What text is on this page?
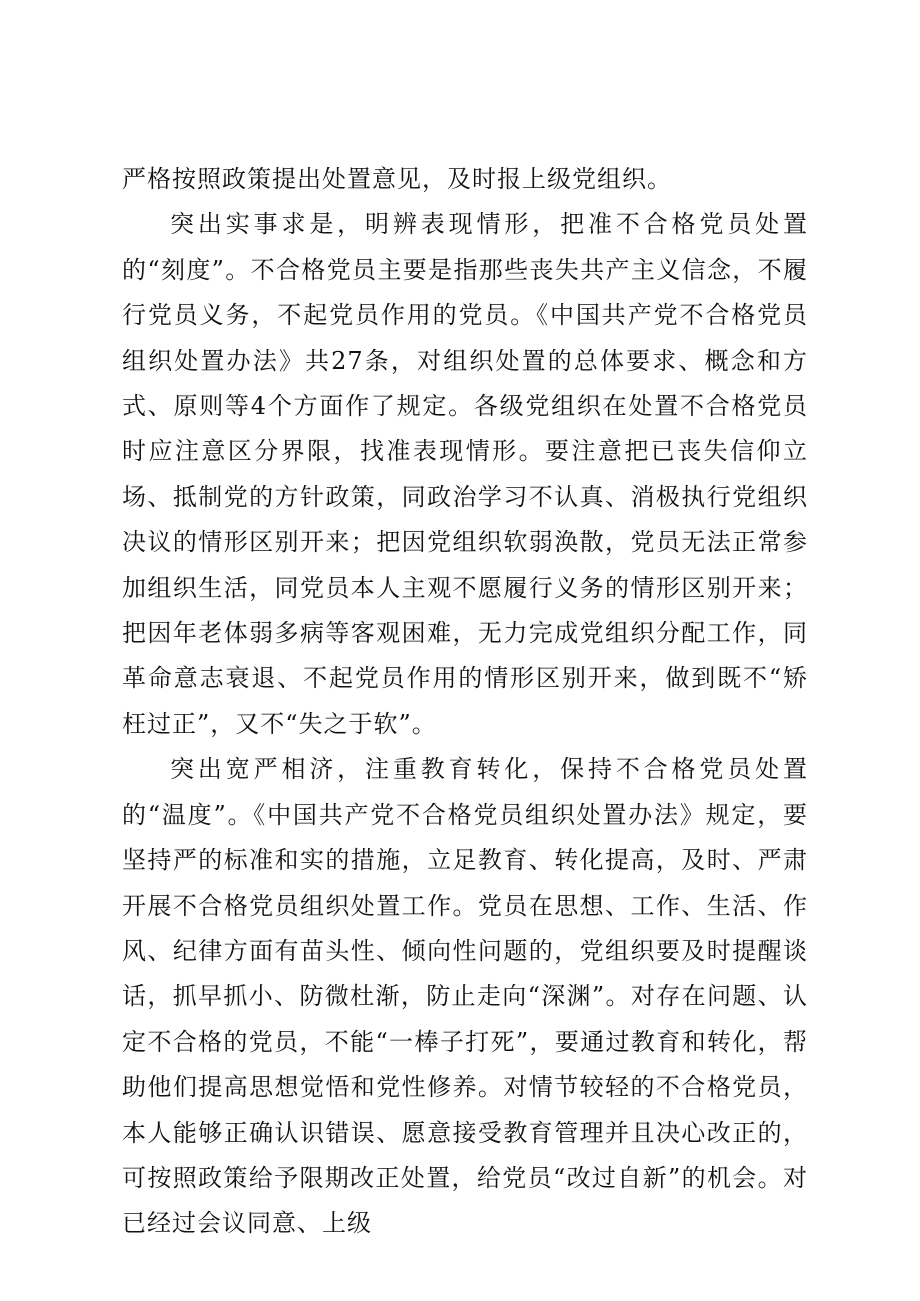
严格按照政策提出处置意见，及时报上级党组织。

突出实事求是，明辨表现情形，把准不合格党员处置的“刻度”。不合格党员主要是指那些丧失共产主义信念，不履行党员义务，不起党员作用的党员。《中国共产党不合格党员组织处置办法》共27条，对组织处置的总体要求、概念和方式、原则等4个方面作了规定。各级党组织在处置不合格党员时应注意区分界限，找准表现情形。要注意把已丧失信仰立场、抵制党的方针政策，同政治学习不认真、消极执行党组织决议的情形区别开来；把因党组织软弱涣散，党员无法正常参加组织生活，同党员本人主观不愿履行义务的情形区别开来；把因年老体弱多病等客观困难，无力完成党组织分配工作，同革命意志衰退、不起党员作用的情形区别开来，做到既不“矫枉过正”，又不“失之于软”。

突出宽严相济，注重教育转化，保持不合格党员处置的“温度”。《中国共产党不合格党员组织处置办法》规定，要坚持严的标准和实的措施，立足教育、转化提高，及时、严肃开展不合格党员组织处置工作。党员在思想、工作、生活、作风、纪律方面有苗头性、倾向性问题的，党组织要及时提醒谈话，抓早抓小、防微杜渐，防止走向“深渊”。对存在问题、认定不合格的党员，不能“一棒子打死”，要通过教育和转化，帮助他们提高思想觉悟和党性修养。对情节较轻的不合格党员，本人能够正确认识错误、愿意接受教育管理并且决心改正的，可按照政策给予限期改正处置，给党员“改过自新”的机会。对已经过会议同意、上级
